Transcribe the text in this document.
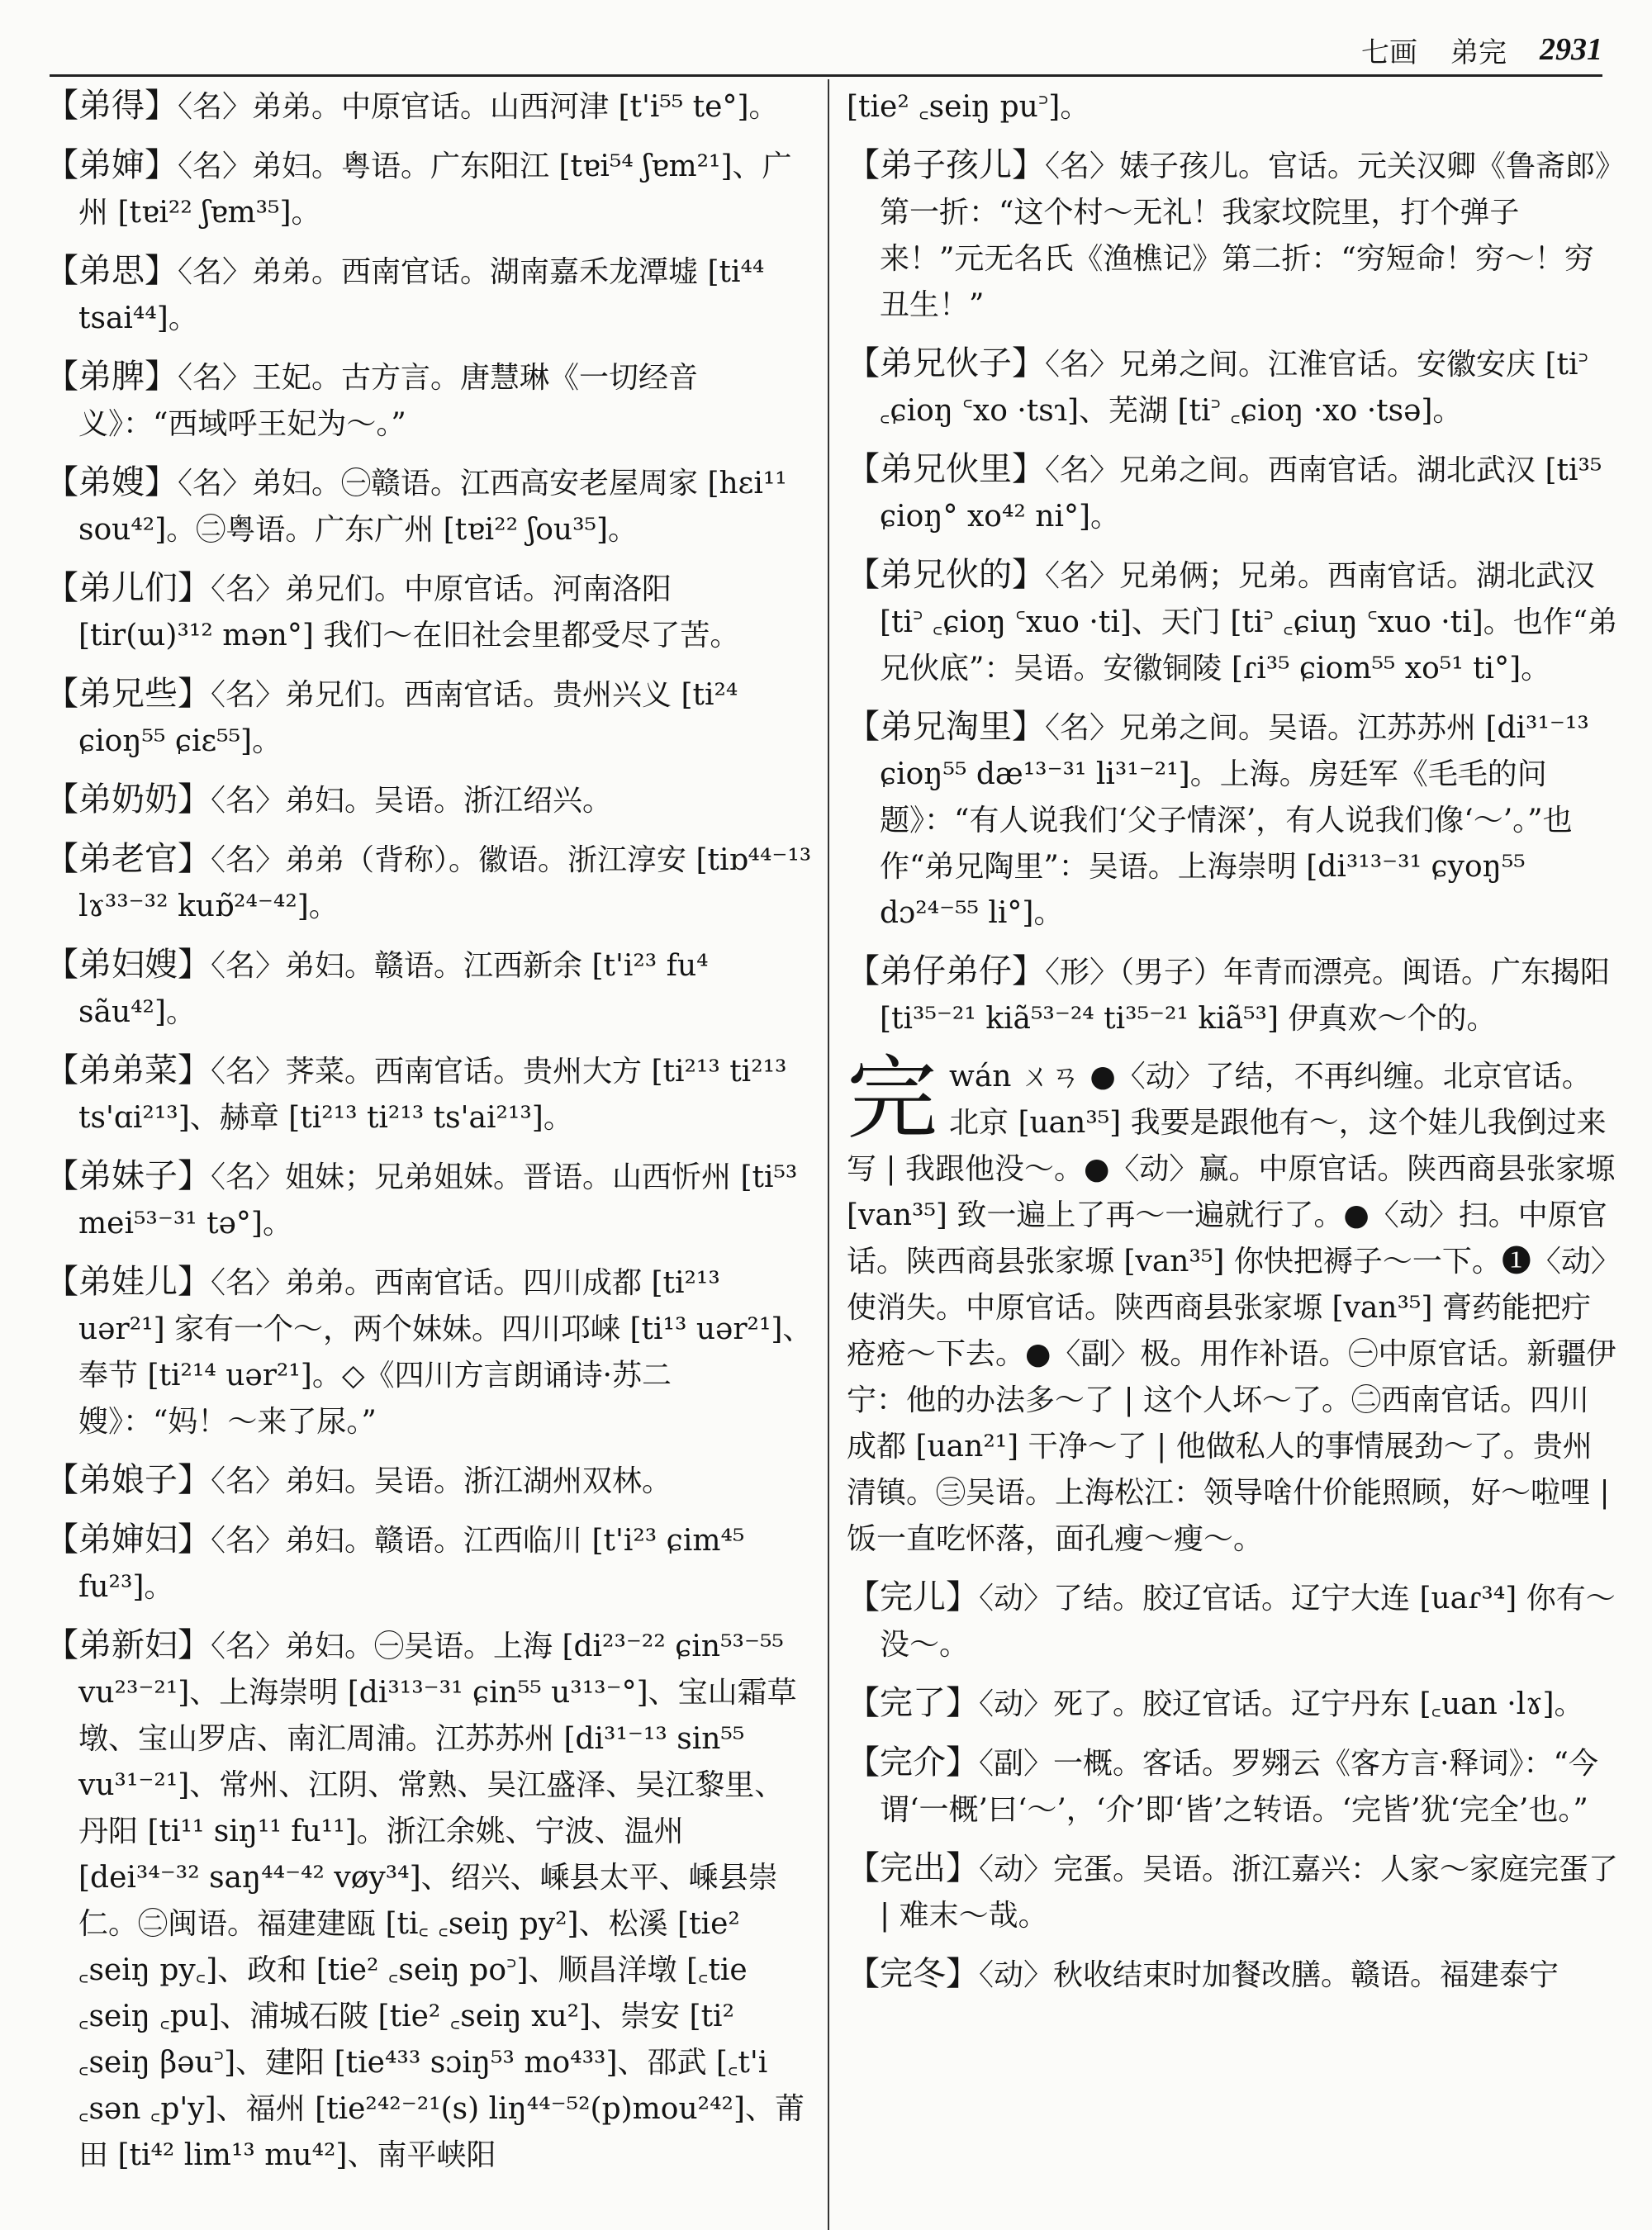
七画 弟完 2931
【弟得】〈名〉弟弟。中原官话。山西河津 [t'i⁵⁵ te°]。
【弟婶】〈名〉弟妇。粤语。广东阳江 [tɐi⁵⁴ ʃɐm²¹]、广州 [tɐi²² ʃɐm³⁵]。
【弟思】〈名〉弟弟。西南官话。湖南嘉禾龙潭墟 [ti⁴⁴ tsai⁴⁴]。
【弟脾】〈名〉王妃。古方言。唐慧琳《一切经音义》：“西域呼王妃为～。”
【弟嫂】〈名〉弟妇。㊀赣语。江西高安老屋周家 [hɛi¹¹ sou⁴²]。㊁粤语。广东广州 [tɐi²² ʃou³⁵]。
【弟儿们】〈名〉弟兄们。中原官话。河南洛阳 [tir(ɯ)³¹² mən°] 我们～在旧社会里都受尽了苦。
【弟兄些】〈名〉弟兄们。西南官话。贵州兴义 [ti²⁴ ɕioŋ⁵⁵ ɕiɛ⁵⁵]。
【弟奶奶】〈名〉弟妇。吴语。浙江绍兴。
【弟老官】〈名〉弟弟（背称）。徽语。浙江淳安 [tiɒ⁴⁴⁻¹³ lɤ³³⁻³² kuɒ̃²⁴⁻⁴²]。
【弟妇嫂】〈名〉弟妇。赣语。江西新余 [t'i²³ fu⁴ sãu⁴²]。
【弟弟菜】〈名〉荠菜。西南官话。贵州大方 [ti²¹³ ti²¹³ ts'ɑi²¹³]、赫章 [ti²¹³ ti²¹³ ts'ai²¹³]。
【弟妹子】〈名〉姐妹；兄弟姐妹。晋语。山西忻州 [ti⁵³ mei⁵³⁻³¹ tə°]。
【弟娃儿】〈名〉弟弟。西南官话。四川成都 [ti²¹³ uər²¹] 家有一个～，两个妹妹。四川邛崃 [ti¹³ uər²¹]、奉节 [ti²¹⁴ uər²¹]。◇《四川方言朗诵诗·苏二嫂》：“妈！～来了尿。”
【弟娘子】〈名〉弟妇。吴语。浙江湖州双林。
【弟婶妇】〈名〉弟妇。赣语。江西临川 [t'i²³ ɕim⁴⁵ fu²³]。
【弟新妇】〈名〉弟妇。㊀吴语。上海 [di²³⁻²² ɕin⁵³⁻⁵⁵ vu²³⁻²¹]、上海崇明 [di³¹³⁻³¹ ɕin⁵⁵ u³¹³⁻°]、宝山霜草墩、宝山罗店、南汇周浦。江苏苏州 [di³¹⁻¹³ sin⁵⁵ vu³¹⁻²¹]、常州、江阴、常熟、吴江盛泽、吴江黎里、丹阳 [ti¹¹ siŋ¹¹ fu¹¹]。浙江余姚、宁波、温州 [dei³⁴⁻³² saŋ⁴⁴⁻⁴² vøy³⁴]、绍兴、嵊县太平、嵊县崇仁。㊁闽语。福建建瓯 [ti꜀ ꜀seiŋ py²]、松溪 [tie² ꜀seiŋ py꜀]、政和 [tie² ꜀seiŋ po꜄]、顺昌洋墩 [꜀tie ꜀seiŋ ꜀pu]、浦城石陂 [tie² ꜀seiŋ xu²]、崇安 [ti² ꜀seiŋ βəu꜄]、建阳 [tie⁴³³ sɔiŋ⁵³ mo⁴³³]、邵武 [꜀t'i ꜀sən ꜀p'y]、福州 [tie²⁴²⁻²¹(s) liŋ⁴⁴⁻⁵²(p)mou²⁴²]、莆田 [ti⁴² lim¹³ mu⁴²]、南平峡阳
[tie² ꜀seiŋ pu꜄]。
【弟子孩儿】〈名〉婊子孩儿。官话。元关汉卿《鲁斋郎》第一折：“这个村～无礼！我家坟院里，打个弹子来！”元无名氏《渔樵记》第二折：“穷短命！穷～！穷丑生！”
【弟兄伙子】〈名〉兄弟之间。江淮官话。安徽安庆 [ti꜄ ꜀ɕioŋ ꜂xo ·tsɿ]、芜湖 [ti꜄ ꜀ɕioŋ ·xo ·tsə]。
【弟兄伙里】〈名〉兄弟之间。西南官话。湖北武汉 [ti³⁵ ɕioŋ° xo⁴² ni°]。
【弟兄伙的】〈名〉兄弟俩；兄弟。西南官话。湖北武汉 [ti꜄ ꜀ɕioŋ ꜂xuo ·ti]、天门 [ti꜄ ꜀ɕiuŋ ꜂xuo ·ti]。也作“弟兄伙底”：吴语。安徽铜陵 [ɾi³⁵ ɕiom⁵⁵ xo⁵¹ ti°]。
【弟兄淘里】〈名〉兄弟之间。吴语。江苏苏州 [di³¹⁻¹³ ɕioŋ⁵⁵ dæ¹³⁻³¹ li³¹⁻²¹]。上海。房廷军《毛毛的问题》：“有人说我们‘父子情深’，有人说我们像‘～’。”也作“弟兄陶里”：吴语。上海崇明 [di³¹³⁻³¹ ɕyoŋ⁵⁵ dɔ²⁴⁻⁵⁵ li°]。
【弟仔弟仔】〈形〉（男子）年青而漂亮。闽语。广东揭阳 [ti³⁵⁻²¹ kiã⁵³⁻²⁴ ti³⁵⁻²¹ kiã⁵³] 伊真欢～个的。
完 wán ㄨㄢ ●〈动〉了结，不再纠缠。北京官话。北京 [uan³⁵] 我要是跟他有～，这个娃儿我倒过来写 | 我跟他没～。●〈动〉赢。中原官话。陕西商县张家塬 [van³⁵] 致一遍上了再～一遍就行了。●〈动〉扫。中原官话。陕西商县张家塬 [van³⁵] 你快把褥子～一下。❶〈动〉使消失。中原官话。陕西商县张家塬 [van³⁵] 膏药能把疔疮疮～下去。●〈副〉极。用作补语。㊀中原官话。新疆伊宁：他的办法多～了 | 这个人坏～了。㊁西南官话。四川成都 [uan²¹] 干净～了 | 他做私人的事情展劲～了。贵州清镇。㊂吴语。上海松江：领导啥什价能照顾，好～啦哩 | 饭一直吃怀落，面孔瘦～瘦～。
【完儿】〈动〉了结。胶辽官话。辽宁大连 [uaɾ³⁴] 你有～没～。
【完了】〈动〉死了。胶辽官话。辽宁丹东 [꜀uan ·lɤ]。
【完介】〈副〉一概。客话。罗翙云《客方言·释词》：“今谓‘一概’曰‘～’，‘介’即‘皆’之转语。‘完皆’犹‘完全’也。”
【完出】〈动〉完蛋。吴语。浙江嘉兴：人家～家庭完蛋了 | 难末～哉。
【完冬】〈动〉秋收结束时加餐改膳。赣语。福建泰宁
